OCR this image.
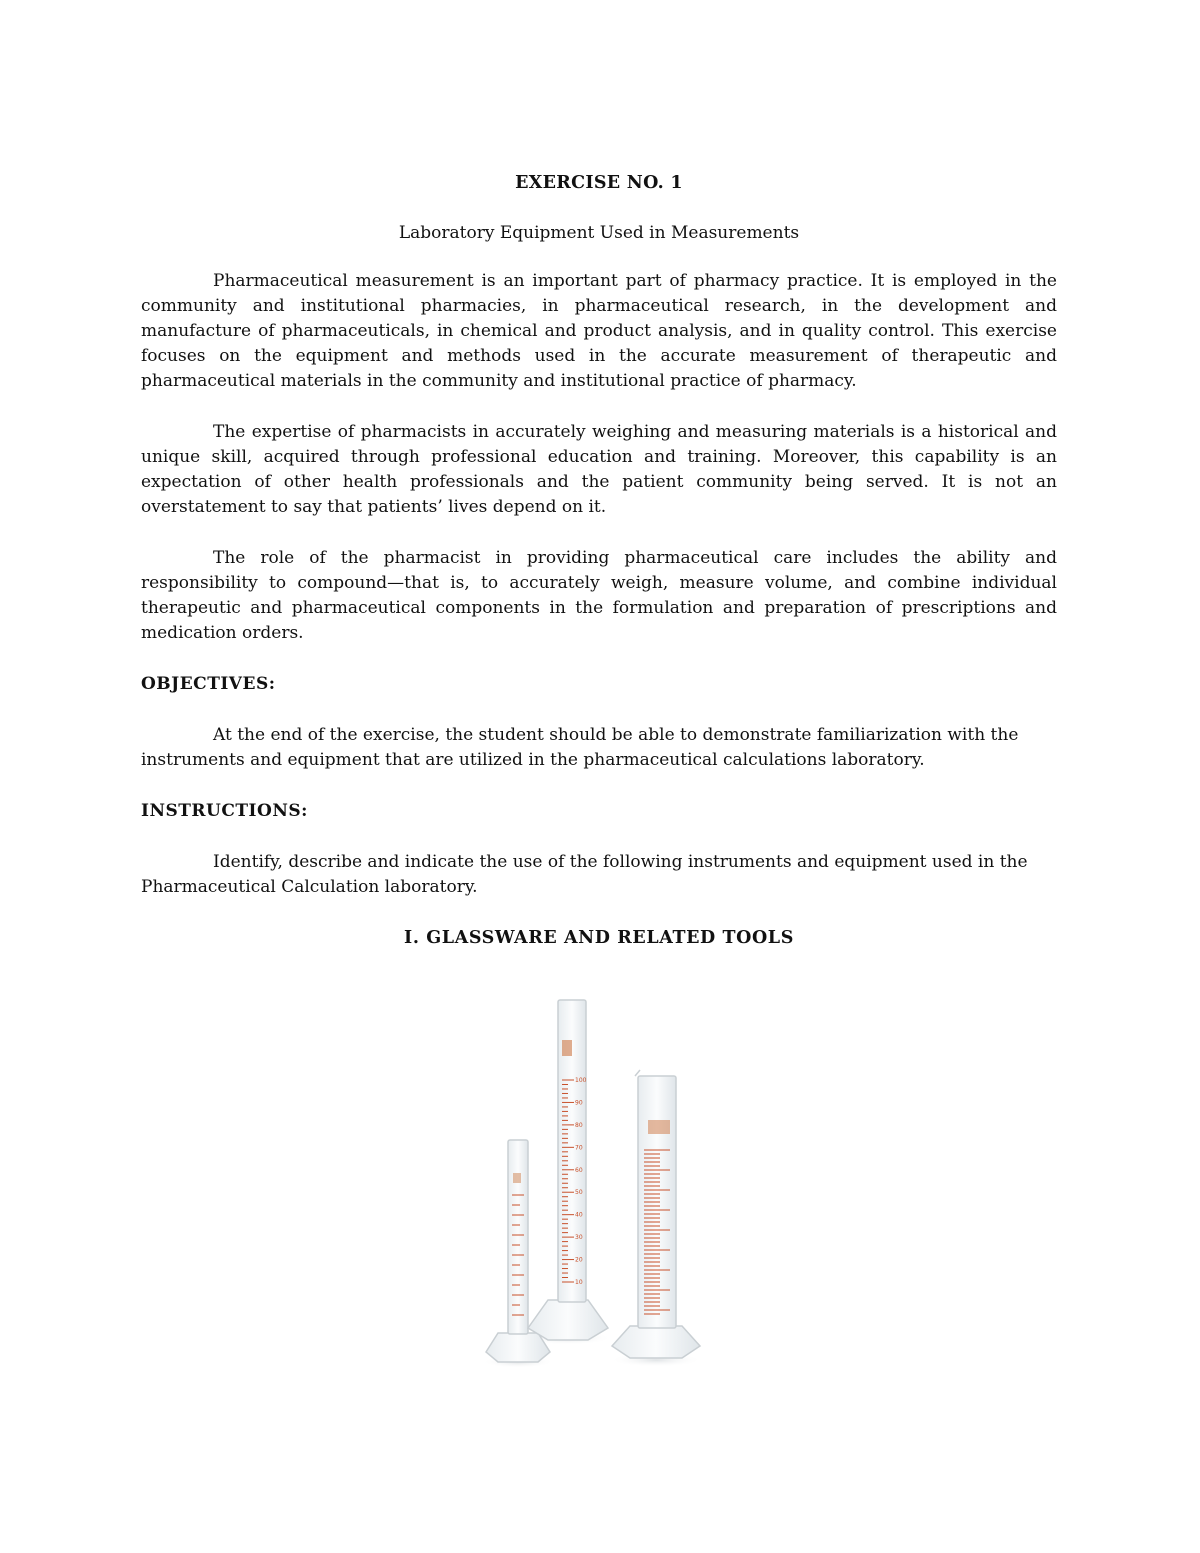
EXERCISE NO. 1
Laboratory Equipment Used in Measurements

Pharmaceutical measurement is an important part of pharmacy practice. It is employed in the community and institutional pharmacies, in pharmaceutical research, in the development and manufacture of pharmaceuticals, in chemical and product analysis, and in quality control. This exercise focuses on the equipment and methods used in the accurate measurement of therapeutic and pharmaceutical materials in the community and institutional practice of pharmacy.

The expertise of pharmacists in accurately weighing and measuring materials is a historical and unique skill, acquired through professional education and training. Moreover, this capability is an expectation of other health professionals and the patient community being served. It is not an overstatement to say that patients’ lives depend on it.

The role of the pharmacist in providing pharmaceutical care includes the ability and responsibility to compound—that is, to accurately weigh, measure volume, and combine individual therapeutic and pharmaceutical components in the formulation and preparation of prescriptions and medication orders.

OBJECTIVES:

At the end of the exercise, the student should be able to demonstrate familiarization with the instruments and equipment that are utilized in the pharmaceutical calculations laboratory.

INSTRUCTIONS:

Identify, describe and indicate the use of the following instruments and equipment used in the Pharmaceutical Calculation laboratory.

I. GLASSWARE AND RELATED TOOLS
100
90
80
70
60
50
40
30
20
10
